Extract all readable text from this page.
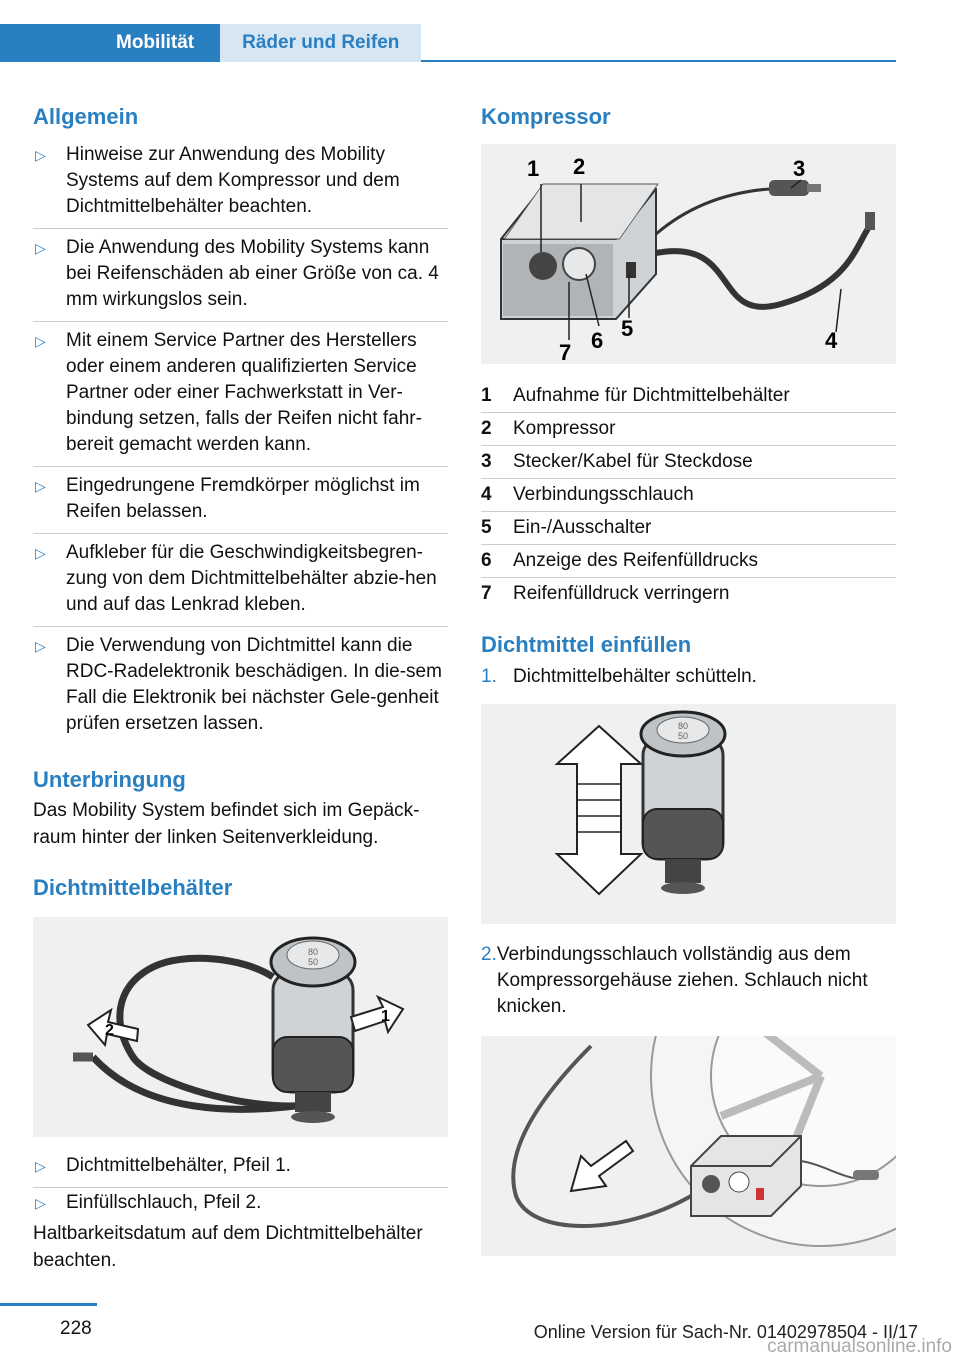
Mobilität	Räder und Reifen
Allgemein
▷ Hinweise zur Anwendung des Mobility Systems auf dem Kompressor und dem Dichtmittelbehälter beachten.
▷ Die Anwendung des Mobility Systems kann bei Reifenschäden ab einer Größe von ca. 4 mm wirkungslos sein.
▷ Mit einem Service Partner des Herstellers oder einem anderen qualifizierten Service Partner oder einer Fachwerkstatt in Ver-bindung setzen, falls der Reifen nicht fahr-bereit gemacht werden kann.
▷ Eingedrungene Fremdkörper möglichst im Reifen belassen.
▷ Aufkleber für die Geschwindigkeitsbegren-zung von dem Dichtmittelbehälter abzie-hen und auf das Lenkrad kleben.
▷ Die Verwendung von Dichtmittel kann die RDC-Radelektronik beschädigen. In die-sem Fall die Elektronik bei nächster Gele-genheit prüfen ersetzen lassen.
Unterbringung

Das Mobility System befindet sich im Gepäck-raum hinter der linken Seitenverkleidung.

Dichtmittelbehälter
80
50
1
2
▷ Dichtmittelbehälter, Pfeil 1.
▷ Einfüllschlauch, Pfeil 2.

Haltbarkeitsdatum auf dem Dichtmittelbehälter beachten.

Kompressor
1 2	3
4
5
6
7
1	Aufnahme für Dichtmittelbehälter
2	Kompressor
3	Stecker/Kabel für Steckdose
4	Verbindungsschlauch
5	Ein-/Ausschalter
6	Anzeige des Reifenfülldrucks
7	Reifenfülldruck verringern
Dichtmittel einfüllen
1. Dichtmittelbehälter schütteln.
80
50
2. Verbindungsschlauch vollständig aus dem Kompressorgehäuse ziehen. Schlauch nicht knicken.
228	Online Version für Sach-Nr. 01402978504 - II/17
carmanualsonline.info
